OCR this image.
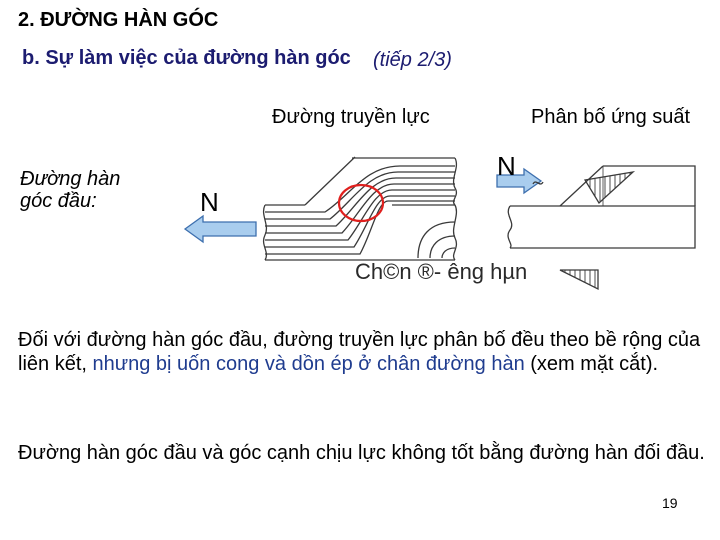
2. ĐƯỜNG HÀN GÓC
b. Sự làm việc của đường hàn góc (tiếp 2/3)
Đường truyền lực	Phân bố ứng suất
Đường hàn
góc đầu:	N
N
Ch©n ®- êng hµn
Đối với đường hàn góc đầu, đường truyền lực phân bố đều theo bề rộng của
liên kết, nhưng bị uốn cong và dồn ép ở chân đường hàn (xem mặt cắt).
Đường hàn góc đầu và góc cạnh chịu lực không tốt bằng đường hàn đối đầu.
19
